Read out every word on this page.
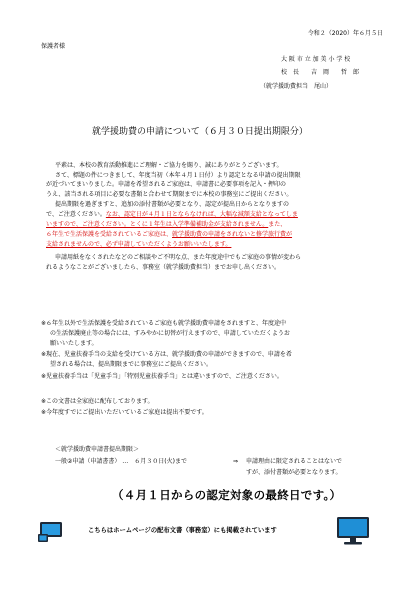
令和２（2020）年６月５日
保護者様
大 阪 市 立 加 美 小 学 校
校　長　　吉　岡　　哲　郎
（就学援助費担当　尾山）
就学援助費の申請について（６月３０日提出期限分）
平素は、本校の教育活動推進にご理解・ご協力を賜り、誠にありがとうございます。
さて、標題の件につきまして、年度当初（本年４月１日付）より認定となる申請の提出期限
が近づいてまいりました。申請を希望されるご家庭は、申請書に必要事項を記入・押印の
うえ、該当される項目に必要な書類と合わせて期限までに本校の事務室にご提出ください。
提出期限を過ぎますと、追加の添付書類が必要となり、認定が提出日からとなりますの
で、ご注意ください。なお、認定日が４月１日とならなければ、大幅な減額支給となってしま
いますので、ご注意ください。とくに１年生は入学準備補助金が支給されません。また、
６年生で生活保護を受給されているご家庭は、就学援助費の申請をされないと修学旅行費が
支給されませんので、必ず申請していただくようお願いいたします。
申請用紙をなくされたなどのご相談やご不明な点、また年度途中でもご家庭の事情が変わら
れるようなことがございましたら、事務室（就学援助費担当）までお申し出ください。
※６年生以外で生活保護を受給されているご家庭も就学援助費申請をされますと、年度途中
の生活保護廃止等の場合には、すみやかに切替が行えますので、申請していただくようお
願いいたします。
※現在、児童扶養手当の支給を受けている方は、就学援助費の申請ができますので、申請を希
望される場合は、提出期限までに事務室にご提出ください。
※児童扶養手当は「児童手当」「特別児童扶養手当」とは違いますので、ご注意ください。
※この文書は全家庭に配布しております。
※今年度すでにご提出いただいているご家庭は提出不要です。
＜就学援助費申請書提出期限＞
一般②申請（申請書書） …　６月３０日(火)まで	⇒ 申請理由に限定されることはないで
すが、添付書類が必要となります。
（４月１日からの認定対象の最終日です。）
こちらはホームページの配布文書（事務室）にも掲載されています
